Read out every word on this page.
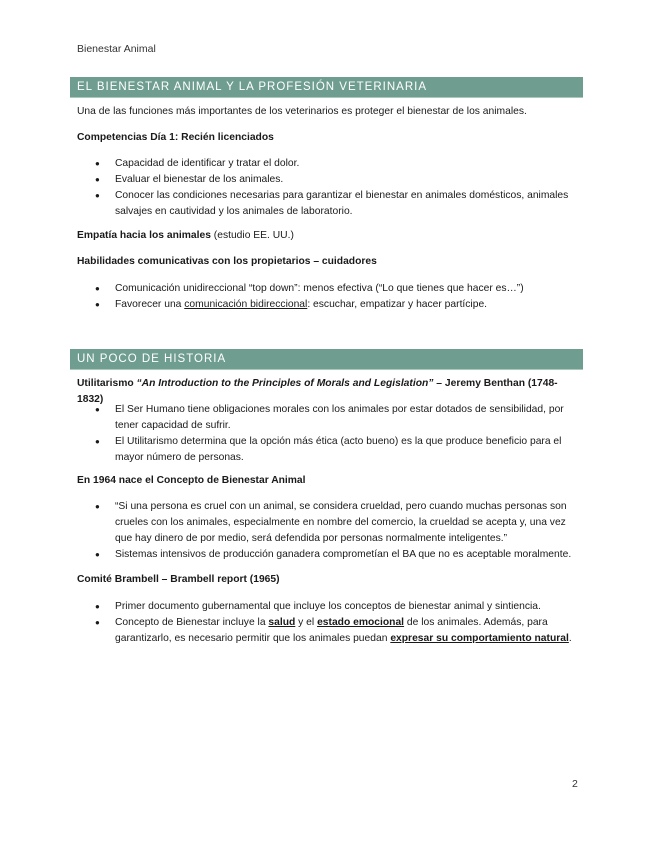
Bienestar Animal
EL BIENESTAR ANIMAL Y LA PROFESIÓN VETERINARIA
Una de las funciones más importantes de los veterinarios es proteger el bienestar de los animales.
Competencias Día 1: Recién licenciados
● Capacidad de identificar y tratar el dolor.
● Evaluar el bienestar de los animales.
● Conocer las condiciones necesarias para garantizar el bienestar en animales domésticos, animales salvajes en cautividad y los animales de laboratorio.
Empatía hacia los animales (estudio EE. UU.)
Habilidades comunicativas con los propietarios – cuidadores
● Comunicación unidireccional “top down”: menos efectiva (“Lo que tienes que hacer es…”)
● Favorecer una comunicación bidireccional: escuchar, empatizar y hacer partícipe.
UN POCO DE HISTORIA
Utilitarismo “An Introduction to the Principles of Morals and Legislation” – Jeremy Benthan (1748-1832)
● El Ser Humano tiene obligaciones morales con los animales por estar dotados de sensibilidad, por tener capacidad de sufrir.
● El Utilitarismo determina que la opción más ética (acto bueno) es la que produce beneficio para el mayor número de personas.
En 1964 nace el Concepto de Bienestar Animal
● “Si una persona es cruel con un animal, se considera crueldad, pero cuando muchas personas son crueles con los animales, especialmente en nombre del comercio, la crueldad se acepta y, una vez que hay dinero de por medio, será defendida por personas normalmente inteligentes.”
● Sistemas intensivos de producción ganadera comprometían el BA que no es aceptable moralmente.
Comité Brambell – Brambell report (1965)
● Primer documento gubernamental que incluye los conceptos de bienestar animal y sintiencia.
● Concepto de Bienestar incluye la salud y el estado emocional de los animales. Además, para garantizarlo, es necesario permitir que los animales puedan expresar su comportamiento natural.
2
